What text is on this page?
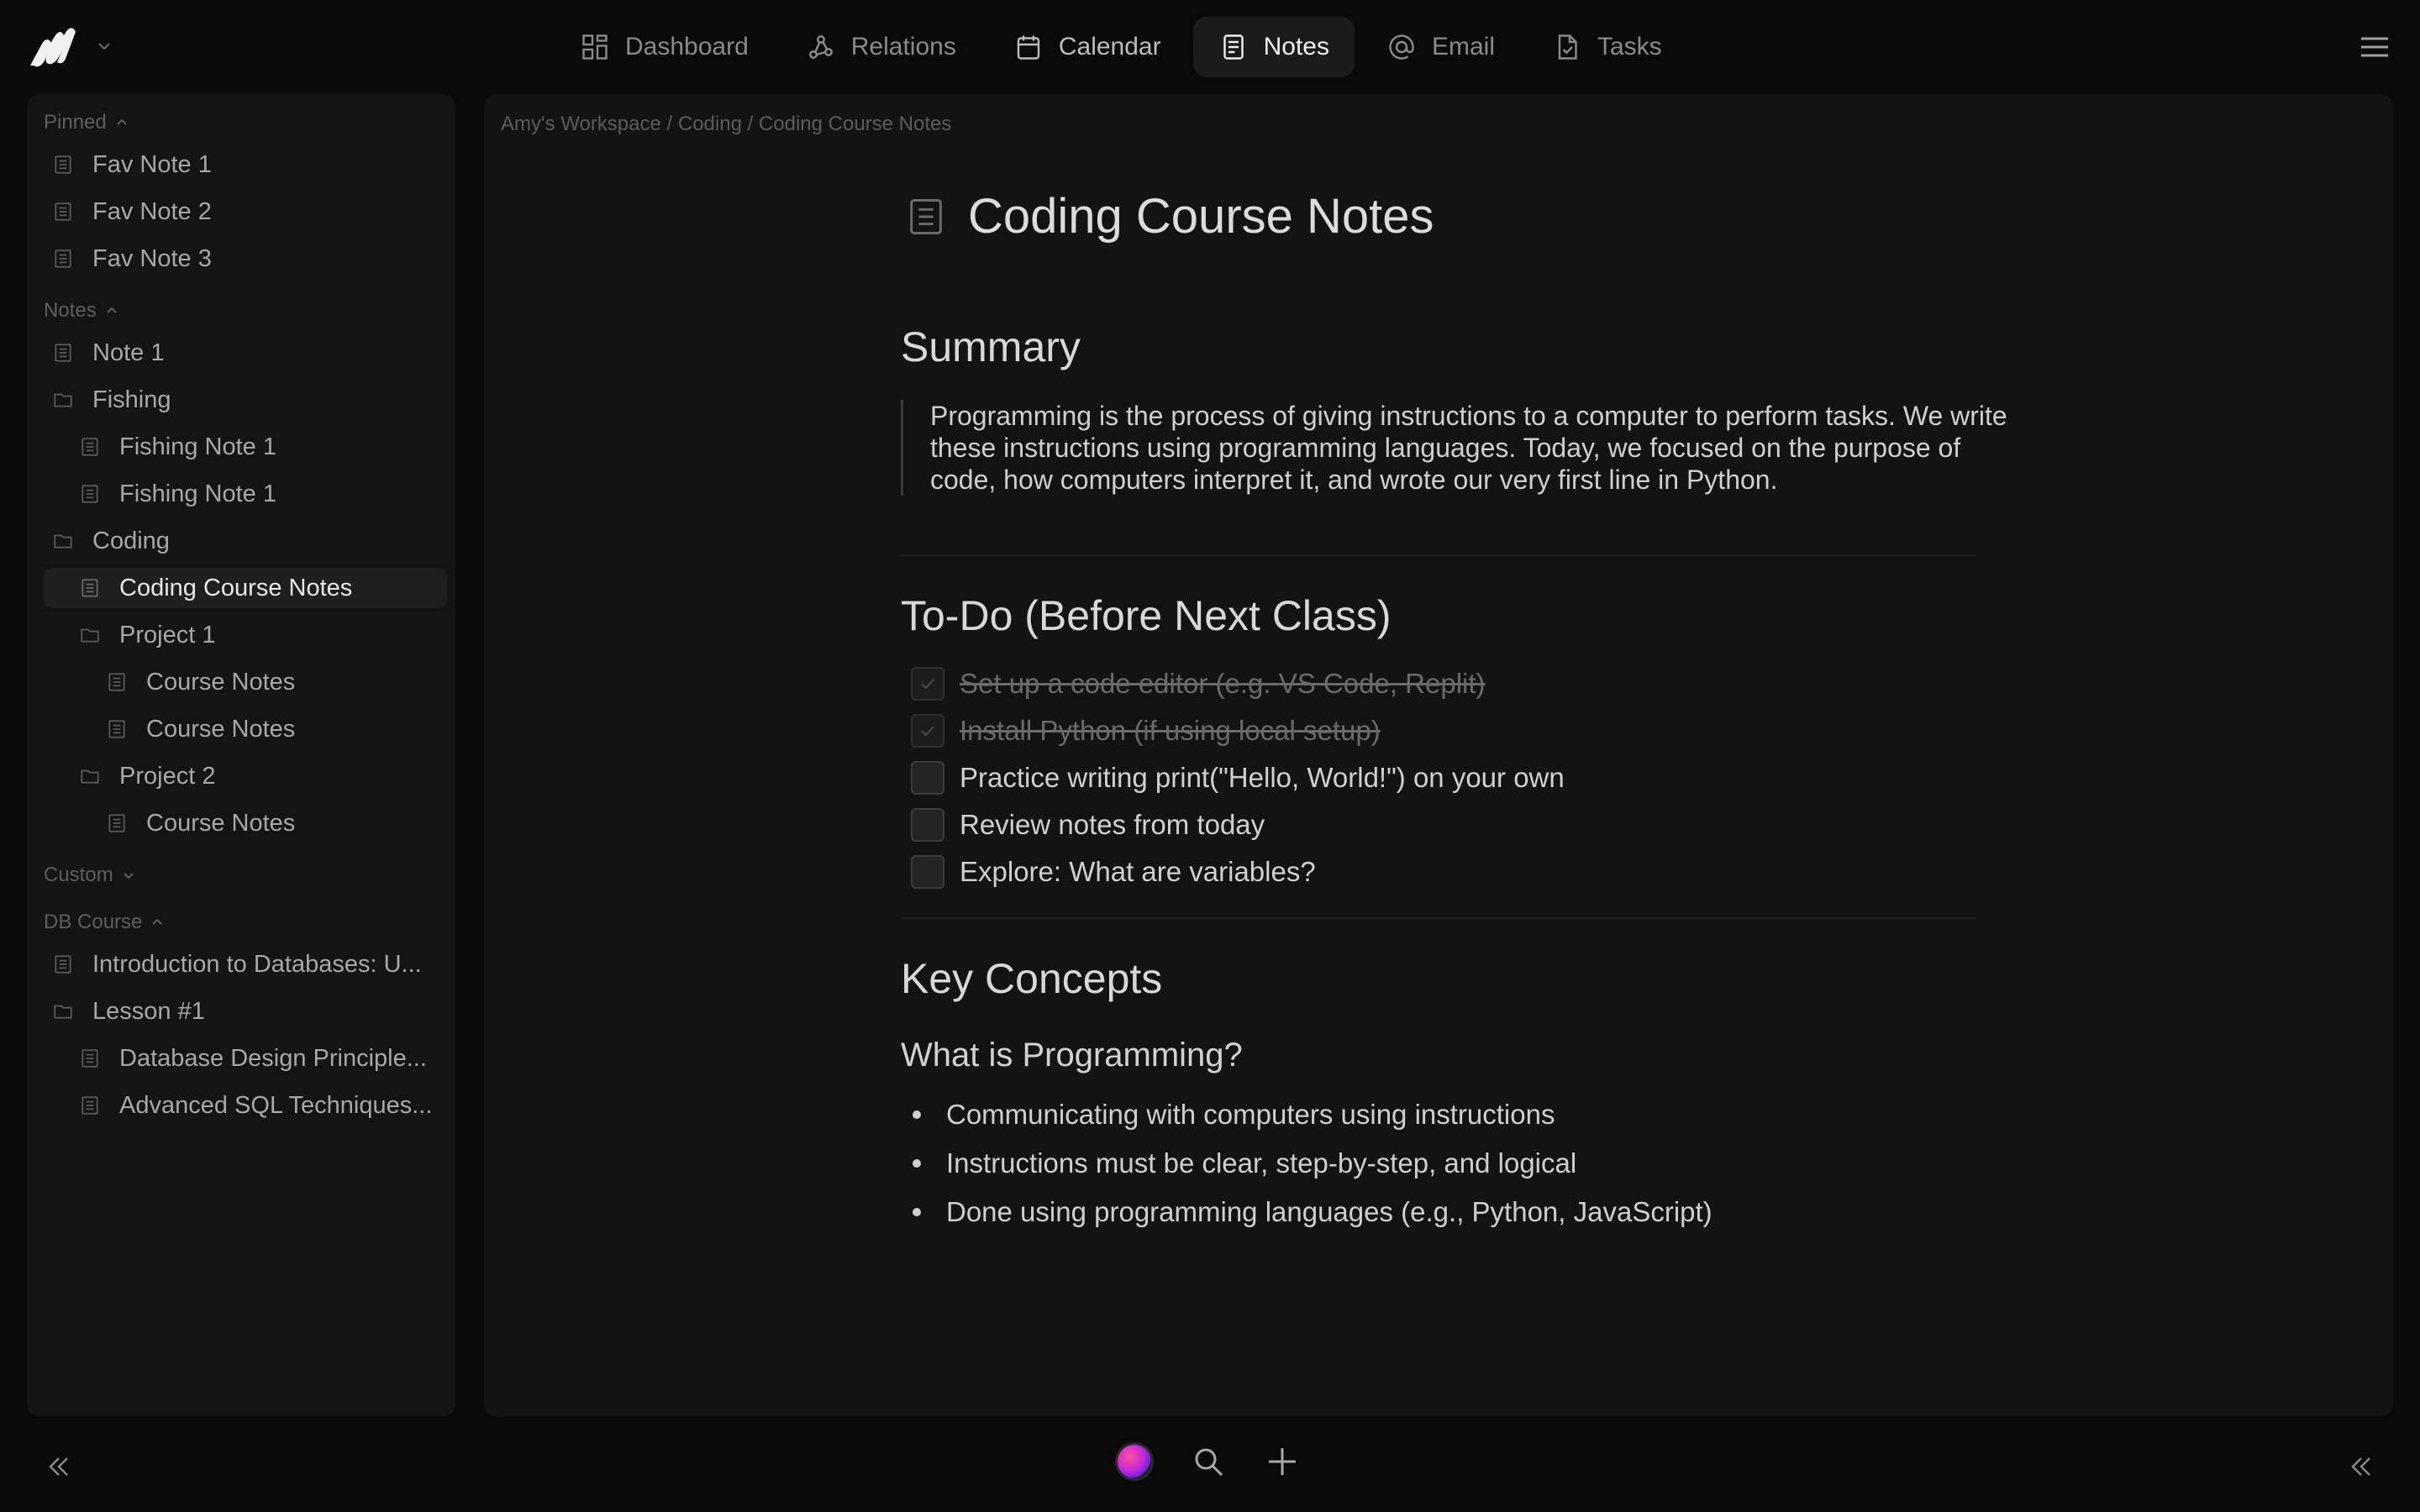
Dashboard	Relations	Calendar	Notes	Email	Tasks
Pinned
Fav Note 1
Fav Note 2
Fav Note 3
Notes
Note 1
Fishing
Fishing Note 1
Fishing Note 1
Coding
Coding Course Notes
Project 1
Course Notes
Course Notes
Project 2
Course Notes
Custom
DB Course
Introduction to Databases: U...
Lesson #1
Database Design Principle...
Advanced SQL Techniques...
Amy's Workspace / Coding / Coding Course Notes
Coding Course Notes
Summary
Programming is the process of giving instructions to a computer to perform tasks. We write these instructions using programming languages. Today, we focused on the purpose of code, how computers interpret it, and wrote our very first line in Python.
To-Do (Before Next Class)
Set up a code editor (e.g. VS Code, Replit)
Install Python (if using local setup)
Practice writing print("Hello, World!") on your own
Review notes from today
Explore: What are variables?
Key Concepts
What is Programming?
Communicating with computers using instructions
Instructions must be clear, step-by-step, and logical
Done using programming languages (e.g., Python, JavaScript)
